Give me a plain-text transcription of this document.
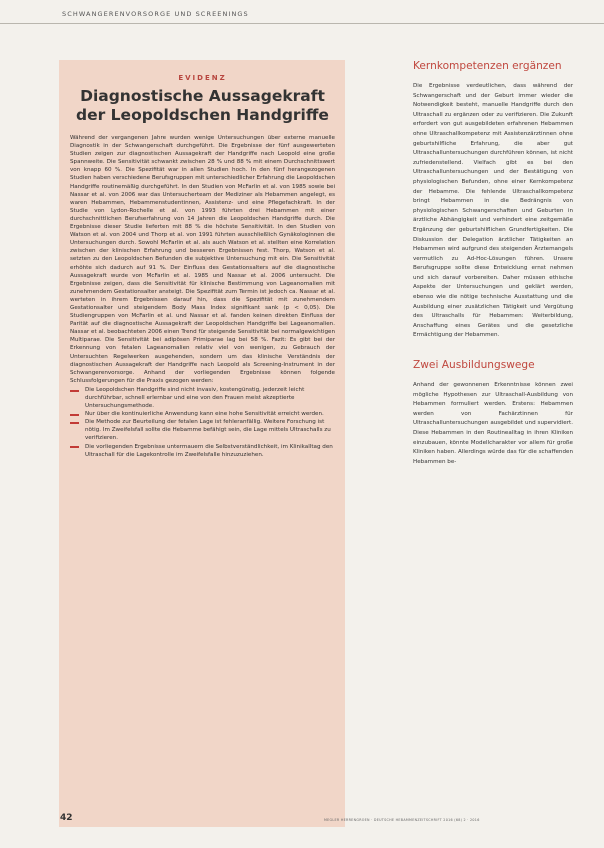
SCHWANGERENVORSORGE UND SCREENINGS
EVIDENZ
Diagnostische Aussagekraft
der Leopoldschen Handgriffe

Während der vergangenen Jahre wurden wenige Untersuchungen über externe manuelle Diagnostik in der Schwangerschaft durchgeführt. Die Ergebnisse der fünf ausgewerteten Studien zeigen zur diagnostischen Aussagekraft der Handgriffe nach Leopold eine große Spannweite. Die Sensitivität schwankt zwischen 28 % und 88 % mit einem Durchschnittswert von knapp 60 %. Die Spezifität war in allen Studien hoch. In den fünf herangezogenen Studien haben verschiedene Berufsgruppen mit unterschiedlicher Erfahrung die Leopoldschen Handgriffe routinemäßig durchgeführt. In den Studien von McFarlin et al. von 1985 sowie bei Nassar et al. von 2006 war das Untersucherteam der Mediziner als Hebammen angelegt, es waren Hebammen, Hebammenstudentinnen, Assistenz- und eine Pflegefachkraft. In der Studie von Lydon-Rochelle et al. von 1993 führten drei Hebammen mit einer durchschnittlichen Berufserfahrung von 14 Jahren die Leopoldschen Handgriffe durch. Die Ergebnisse dieser Studie lieferten mit 88 % die höchste Sensitivität. In den Studien von Watson et al. von 2004 und Thorp et al. von 1991 führten ausschließlich Gynäkologinnen die Untersuchungen durch. Sowohl McFarlin et al. als auch Watson et al. stellten eine Korrelation zwischen der klinischen Erfahrung und besseren Ergebnissen fest. Thorp, Watson et al. setzten zu den Leopoldschen Befunden die subjektive Untersuchung mit ein. Die Sensitivität erhöhte sich dadurch auf 91 %. Der Einfluss des Gestationsalters auf die diagnostische Aussagekraft wurde von McFarlin et al. 1985 und Nassar et al. 2006 untersucht. Die Ergebnisse zeigen, dass die Sensitivität für klinische Bestimmung von Lageanomalien mit zunehmendem Gestationsalter ansteigt. Die Spezifität zum Termin ist jedoch ca. Nassar et al. werteten in ihrem Ergebnissen darauf hin, dass die Spezifität mit zunehmendem Gestationsalter und steigendem Body Mass Index signifikant sank (p < 0,05). Die Studiengruppen von McFarlin et al. und Nassar et al. fanden keinen direkten Einfluss der Parität auf die diagnostische Aussagekraft der Leopoldschen Handgriffe bei Lageanomalien. Nassar et al. beobachteten 2006 einen Trend für steigende Sensitivität bei normalgewichtigen Multiparae. Die Sensitivität bei adipösen Primiparae lag bei 58 %. Fazit: Es gibt bei der Erkennung von fetalen Lageanomalien relativ viel von wenigen, zu Gebrauch der Untersuchten Regelwerken ausgehenden, sondern um das klinische Verständnis der diagnostischen Aussagekraft der Handgriffe nach Leopold als Screening-Instrument in der Schwangerenvorsorge. Anhand der vorliegenden Ergebnisse können folgende Schlussfolgerungen für die Praxis gezogen werden:

Die Leopoldschen Handgriffe sind nicht invasiv, kostengünstig, jederzeit leicht durchführbar, schnell erlernbar und eine von den Frauen meist akzeptierte Untersuchungsmethode.
Nur über die kontinuierliche Anwendung kann eine hohe Sensitivität erreicht werden.
Die Methode zur Beurteilung der fetalen Lage ist fehleranfällig. Weitere Forschung ist nötig. Im Zweifelsfall sollte die Hebamme befähigt sein, die Lage mittels Ultraschalls zu verifizieren.
Die vorliegenden Ergebnisse untermauern die Selbstverständlichkeit, im Klinikalltag den Ultraschall für die Lagekontrolle im Zweifelsfalle hinzuzuziehen.
Kernkompetenzen ergänzen

Die Ergebnisse verdeutlichen, dass während der Schwangerschaft und der Geburt immer wieder die Notwendigkeit besteht, manuelle Handgriffe durch den Ultraschall zu ergänzen oder zu verifizieren. Die Zukunft erfordert von gut ausgebildeten erfahrenen Hebammen ohne Ultraschallkompetenz mit Assistenzärztinnen ohne geburtshilfliche Erfahrung, die aber gut Ultraschalluntersuchungen durchführen können, ist nicht zufriedenstellend. Vielfach gibt es bei den Ultraschalluntersuchungen und der Bestätigung von physiologischen Befunden, ohne einer Kernkompetenz der Hebamme. Die fehlende Ultraschallkompetenz bringt Hebammen in die Bedrängnis von physiologischen Schwangerschaften und Geburten in ärztliche Abhängigkeit und verhindert eine zeitgemäße Ergänzung der geburtshilflichen Grundfertigkeiten. Die Diskussion der Delegation ärztlicher Tätigkeiten an Hebammen wird aufgrund des steigenden Ärztemangels vermutlich zu Ad-Hoc-Lösungen führen. Unsere Berufsgruppe sollte diese Entwicklung ernst nehmen und sich darauf vorbereiten. Daher müssen ethische Aspekte der Untersuchungen und geklärt werden, ebenso wie die nötige technische Ausstattung und die Ausbildung einer zusätzlichen Tätigkeit und Vergütung des Ultraschalls für Hebammen: Weiterbildung, Anschaffung eines Gerätes und die gesetzliche Ermächtigung der Hebammen.

Zwei Ausbildungswege

Anhand der gewonnenen Erkenntnisse können zwei mögliche Hypothesen zur Ultraschall-Ausbildung von Hebammen formuliert werden. Erstens: Hebammen werden von Fachärztinnen für Ultraschalluntersuchungen ausgebildet und supervidiert. Diese Hebammen in den Routinealltag in ihren Kliniken einzubauen, könnte Modellcharakter vor allem für große Kliniken haben. Allerdings würde das für die schaffenden Hebammen be-

42	MEGLER HERRENGROEN · DEUTSCHE HEBAMMENZEITSCHRIFT 2016 (68) 2 · 2016
